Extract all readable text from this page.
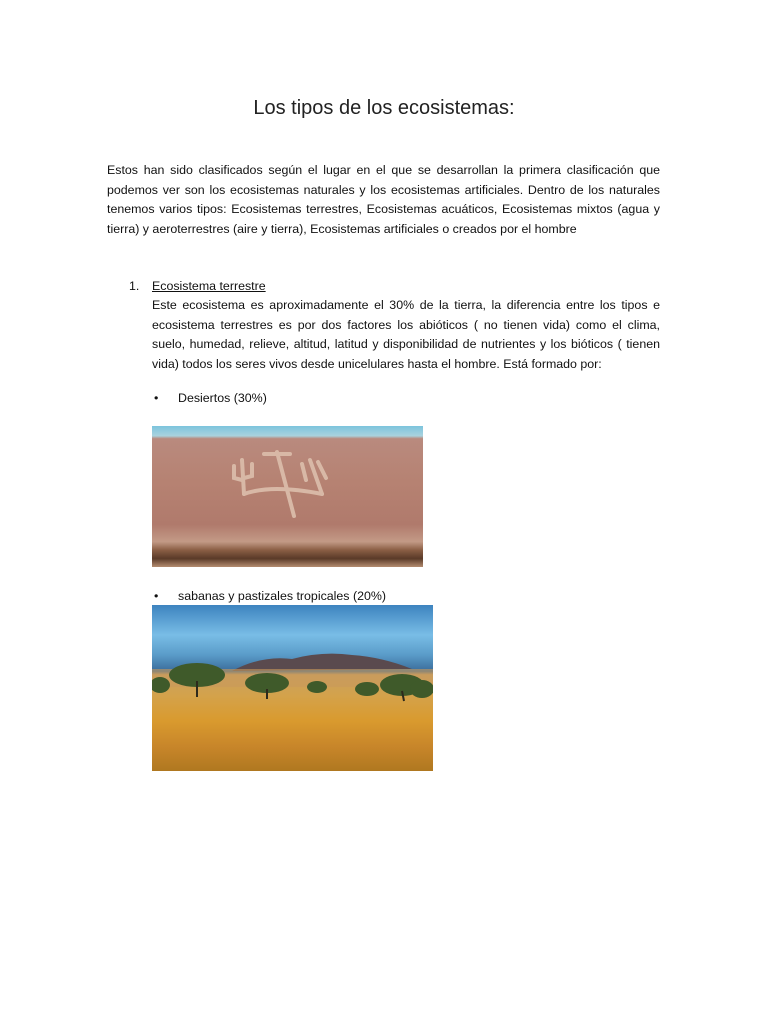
Los tipos de los ecosistemas:

Estos han sido clasificados según el lugar en el que se desarrollan la primera clasificación que podemos ver son los ecosistemas naturales y los ecosistemas artificiales. Dentro de los naturales tenemos varios tipos: Ecosistemas terrestres, Ecosistemas acuáticos, Ecosistemas mixtos (agua y tierra) y aeroterrestres (aire y tierra), Ecosistemas artificiales o creados por el hombre

1. Ecosistema terrestre
Este ecosistema es aproximadamente el 30% de la tierra, la diferencia entre los tipos e ecosistema terrestres es por dos factores los abióticos ( no tienen vida) como el clima, suelo, humedad, relieve, altitud, latitud y disponibilidad de nutrientes y los bióticos ( tienen vida) todos los seres vivos desde unicelulares hasta el hombre. Está formado por:
• Desiertos (30%)
• sabanas y pastizales tropicales (20%)
